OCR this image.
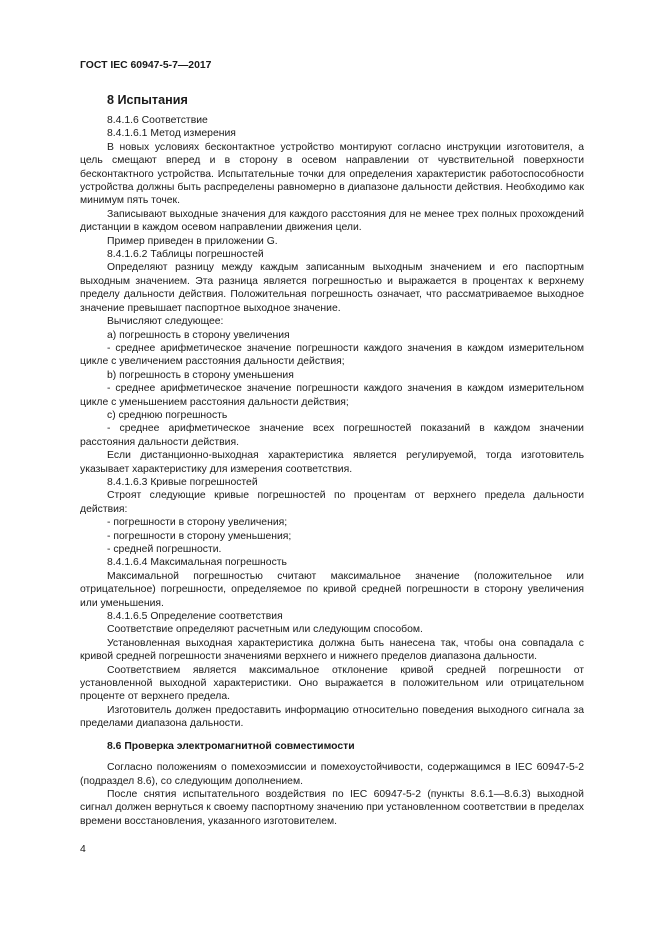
ГОСТ IEC 60947-5-7—2017
8 Испытания

8.4.1.6 Соответствие

8.4.1.6.1 Метод измерения

В новых условиях бесконтактное устройство монтируют согласно инструкции изготовителя, а цель смещают вперед и в сторону в осевом направлении от чувствительной поверхности бесконтактного устройства. Испытательные точки для определения характеристик работоспособности устройства должны быть распределены равномерно в диапазоне дальности действия. Необходимо как минимум пять точек.

Записывают выходные значения для каждого расстояния для не менее трех полных прохождений дистанции в каждом осевом направлении движения цели.

Пример приведен в приложении G.

8.4.1.6.2 Таблицы погрешностей

Определяют разницу между каждым записанным выходным значением и его паспортным выходным значением. Эта разница является погрешностью и выражается в процентах к верхнему пределу дальности действия. Положительная погрешность означает, что рассматриваемое выходное значение превышает паспортное выходное значение.

Вычисляют следующее:

a) погрешность в сторону увеличения

- среднее арифметическое значение погрешности каждого значения в каждом измерительном цикле с увеличением расстояния дальности действия;

b) погрешность в сторону уменьшения

- среднее арифметическое значение погрешности каждого значения в каждом измерительном цикле с уменьшением расстояния дальности действия;

c) среднюю погрешность

- среднее арифметическое значение всех погрешностей показаний в каждом значении расстояния дальности действия.

Если дистанционно-выходная характеристика является регулируемой, тогда изготовитель указывает характеристику для измерения соответствия.

8.4.1.6.3 Кривые погрешностей

Строят следующие кривые погрешностей по процентам от верхнего предела дальности действия:

- погрешности в сторону увеличения;

- погрешности в сторону уменьшения;

- средней погрешности.

8.4.1.6.4 Максимальная погрешность

Максимальной погрешностью считают максимальное значение (положительное или отрицательное) погрешности, определяемое по кривой средней погрешности в сторону увеличения или уменьшения.

8.4.1.6.5 Определение соответствия

Соответствие определяют расчетным или следующим способом.

Установленная выходная характеристика должна быть нанесена так, чтобы она совпадала с кривой средней погрешности значениями верхнего и нижнего пределов диапазона дальности.

Соответствием является максимальное отклонение кривой средней погрешности от установленной выходной характеристики. Оно выражается в положительном или отрицательном проценте от верхнего предела.

Изготовитель должен предоставить информацию относительно поведения выходного сигнала за пределами диапазона дальности.

8.6 Проверка электромагнитной совместимости

Согласно положениям о помехоэмиссии и помехоустойчивости, содержащимся в IEC 60947-5-2 (подраздел 8.6), со следующим дополнением.

После снятия испытательного воздействия по IEC 60947-5-2 (пункты 8.6.1—8.6.3) выходной сигнал должен вернуться к своему паспортному значению при установленном соответствии в пределах времени восстановления, указанного изготовителем.

4
